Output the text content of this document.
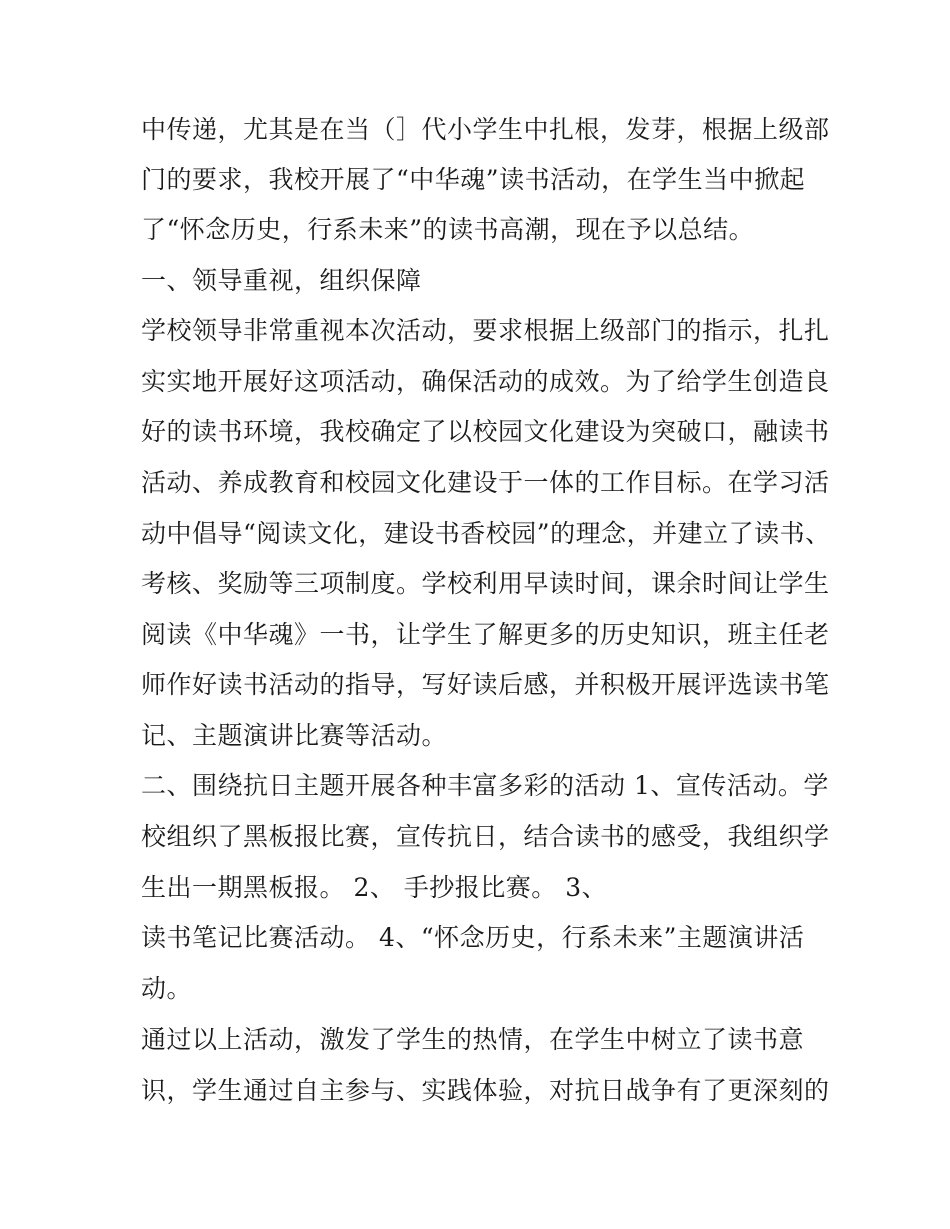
中传递，尤其是在当（］代小学生中扎根，发芽，根据上级部
门的要求，我校开展了“中华魂”读书活动，在学生当中掀起
了“怀念历史，行系未来”的读书高潮，现在予以总结。
一、领导重视，组织保障
学校领导非常重视本次活动，要求根据上级部门的指示，扎扎
实实地开展好这项活动，确保活动的成效。为了给学生创造良
好的读书环境，我校确定了以校园文化建设为突破口，融读书
活动、养成教育和校园文化建设于一体的工作目标。在学习活
动中倡导“阅读文化，建设书香校园”的理念，并建立了读书、
考核、奖励等三项制度。学校利用早读时间，课余时间让学生
阅读《中华魂》一书，让学生了解更多的历史知识，班主任老
师作好读书活动的指导，写好读后感，并积极开展评选读书笔
记、主题演讲比赛等活动。
二、围绕抗日主题开展各种丰富多彩的活动 1、宣传活动。学
校组织了黑板报比赛，宣传抗日，结合读书的感受，我组织学
生出一期黑板报。 2、 手抄报比赛。 3、
读书笔记比赛活动。 4、“怀念历史，行系未来”主题演讲活
动。
通过以上活动，激发了学生的热情，在学生中树立了读书意
识，学生通过自主参与、实践体验，对抗日战争有了更深刻的
